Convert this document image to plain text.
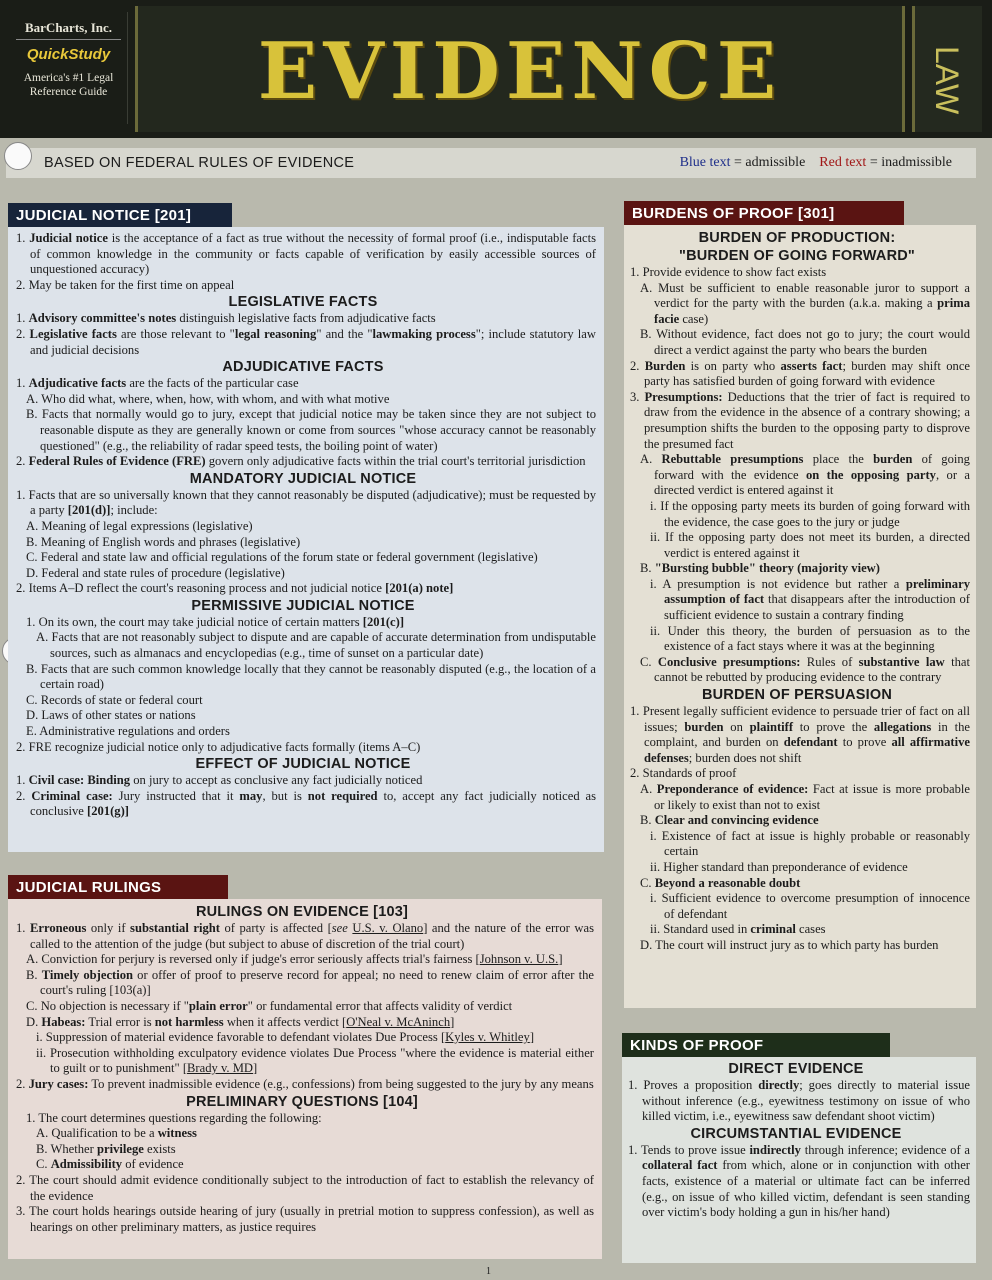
BarCharts, Inc.
QuickStudy
America's #1 Legal Reference Guide	EVIDENCE	LAW
BASED ON FEDERAL RULES OF EVIDENCE	Blue text = admissible Red text = inadmissible
JUDICIAL NOTICE [201]
1. Judicial notice is the acceptance of a fact as true without the necessity of formal proof (i.e., indisputable facts of common knowledge in the community or facts capable of verification by easily accessible sources of unquestioned accuracy)
2. May be taken for the first time on appeal
LEGISLATIVE FACTS
1. Advisory committee's notes distinguish legislative facts from adjudicative facts
2. Legislative facts are those relevant to "legal reasoning" and the "lawmaking process"; include statutory law and judicial decisions
ADJUDICATIVE FACTS
1. Adjudicative facts are the facts of the particular case
A. Who did what, where, when, how, with whom, and with what motive
B. Facts that normally would go to jury, except that judicial notice may be taken since they are not subject to reasonable dispute as they are generally known or come from sources "whose accuracy cannot be reasonably questioned" (e.g., the reliability of radar speed tests, the boiling point of water)
2. Federal Rules of Evidence (FRE) govern only adjudicative facts within the trial court's territorial jurisdiction
MANDATORY JUDICIAL NOTICE
1. Facts that are so universally known that they cannot reasonably be disputed (adjudicative); must be requested by a party [201(d)]; include:
A. Meaning of legal expressions (legislative)
B. Meaning of English words and phrases (legislative)
C. Federal and state law and official regulations of the forum state or federal government (legislative)
D. Federal and state rules of procedure (legislative)
2. Items A–D reflect the court's reasoning process and not judicial notice [201(a) note]
PERMISSIVE JUDICIAL NOTICE
1. On its own, the court may take judicial notice of certain matters [201(c)]
A. Facts that are not reasonably subject to dispute and are capable of accurate determination from undisputable sources, such as almanacs and encyclopedias (e.g., time of sunset on a particular date)
B. Facts that are such common knowledge locally that they cannot be reasonably disputed (e.g., the location of a certain road)
C. Records of state or federal court
D. Laws of other states or nations
E. Administrative regulations and orders
2. FRE recognize judicial notice only to adjudicative facts formally (items A–C)
EFFECT OF JUDICIAL NOTICE
1. Civil case: Binding on jury to accept as conclusive any fact judicially noticed
2. Criminal case: Jury instructed that it may, but is not required to, accept any fact judicially noticed as conclusive [201(g)]
JUDICIAL RULINGS
RULINGS ON EVIDENCE [103]
1. Erroneous only if substantial right of party is affected [see U.S. v. Olano] and the nature of the error was called to the attention of the judge (but subject to abuse of discretion of the trial court)
A. Conviction for perjury is reversed only if judge's error seriously affects trial's fairness [Johnson v. U.S.]
B. Timely objection or offer of proof to preserve record for appeal; no need to renew claim of error after the court's ruling [103(a)]
C. No objection is necessary if "plain error" or fundamental error that affects validity of verdict
D. Habeas: Trial error is not harmless when it affects verdict [O'Neal v. McAninch]
i. Suppression of material evidence favorable to defendant violates Due Process [Kyles v. Whitley]
ii. Prosecution withholding exculpatory evidence violates Due Process "where the evidence is material either to guilt or to punishment" [Brady v. MD]
2. Jury cases: To prevent inadmissible evidence (e.g., confessions) from being suggested to the jury by any means
PRELIMINARY QUESTIONS [104]
1. The court determines questions regarding the following:
A. Qualification to be a witness
B. Whether privilege exists
C. Admissibility of evidence
2. The court should admit evidence conditionally subject to the introduction of fact to establish the relevancy of the evidence
3. The court holds hearings outside hearing of jury (usually in pretrial motion to suppress confession), as well as hearings on other preliminary matters, as justice requires
BURDENS OF PROOF [301]
BURDEN OF PRODUCTION:
"BURDEN OF GOING FORWARD"
1. Provide evidence to show fact exists
A. Must be sufficient to enable reasonable juror to support a verdict for the party with the burden (a.k.a. making a prima facie case)
B. Without evidence, fact does not go to jury; the court would direct a verdict against the party who bears the burden
2. Burden is on party who asserts fact; burden may shift once party has satisfied burden of going forward with evidence
3. Presumptions: Deductions that the trier of fact is required to draw from the evidence in the absence of a contrary showing; a presumption shifts the burden to the opposing party to disprove the presumed fact
A. Rebuttable presumptions place the burden of going forward with the evidence on the opposing party, or a directed verdict is entered against it
i. If the opposing party meets its burden of going forward with the evidence, the case goes to the jury or judge
ii. If the opposing party does not meet its burden, a directed verdict is entered against it
B. "Bursting bubble" theory (majority view)
i. A presumption is not evidence but rather a preliminary assumption of fact that disappears after the introduction of sufficient evidence to sustain a contrary finding
ii. Under this theory, the burden of persuasion as to the existence of a fact stays where it was at the beginning
C. Conclusive presumptions: Rules of substantive law that cannot be rebutted by producing evidence to the contrary
BURDEN OF PERSUASION
1. Present legally sufficient evidence to persuade trier of fact on all issues; burden on plaintiff to prove the allegations in the complaint, and burden on defendant to prove all affirmative defenses; burden does not shift
2. Standards of proof
A. Preponderance of evidence: Fact at issue is more probable or likely to exist than not to exist
B. Clear and convincing evidence
i. Existence of fact at issue is highly probable or reasonably certain
ii. Higher standard than preponderance of evidence
C. Beyond a reasonable doubt
i. Sufficient evidence to overcome presumption of innocence of defendant
ii. Standard used in criminal cases
D. The court will instruct jury as to which party has burden
KINDS OF PROOF
DIRECT EVIDENCE
1. Proves a proposition directly; goes directly to material issue without inference (e.g., eyewitness testimony on issue of who killed victim, i.e., eyewitness saw defendant shoot victim)
CIRCUMSTANTIAL EVIDENCE
1. Tends to prove issue indirectly through inference; evidence of a collateral fact from which, alone or in conjunction with other facts, existence of a material or ultimate fact can be inferred (e.g., on issue of who killed victim, defendant is seen standing over victim's body holding a gun in his/her hand)
1
